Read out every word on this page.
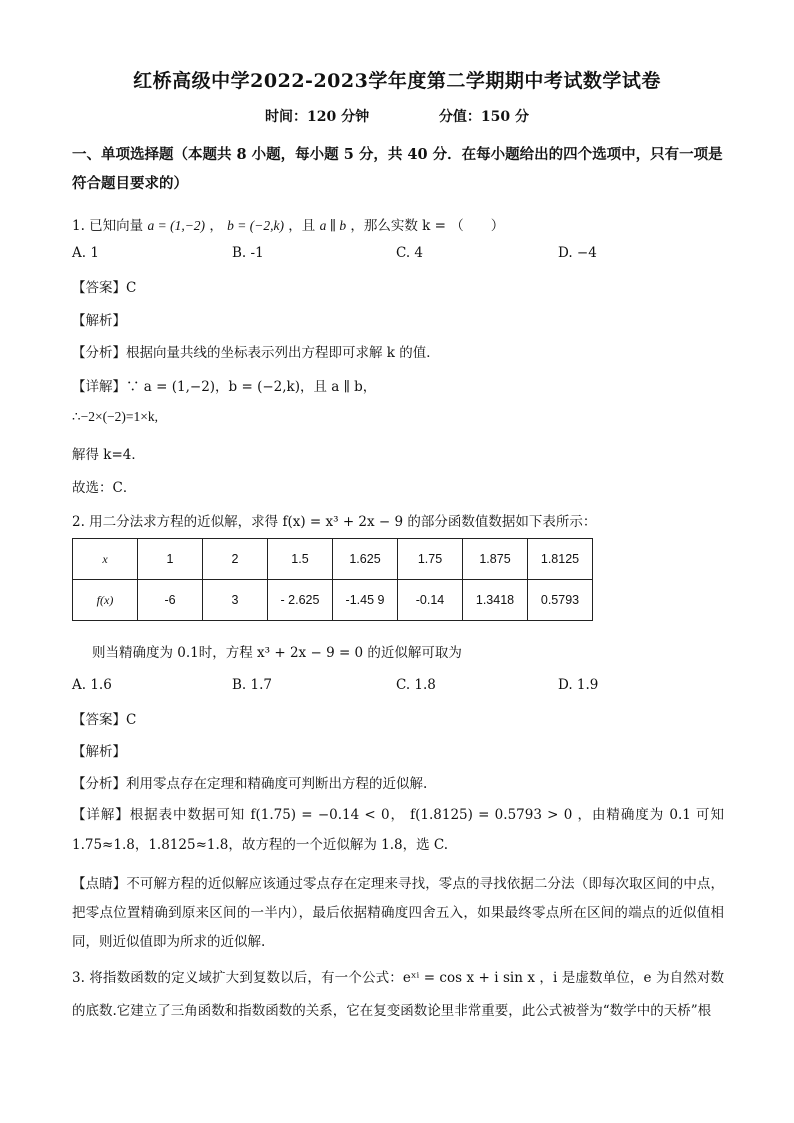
红桥高级中学2022-2023学年度第二学期期中考试数学试卷
时间：120 分钟	分值：150 分
一、单项选择题（本题共 8 小题，每小题 5 分，共 40 分．在每小题给出的四个选项中，只有一项是符合题目要求的）
1. 已知向量 a = (1,−2) ， b = (−2,k) ，且 a ∥ b ，那么实数 k = （　　）
A. 1	B. -1	C. 4	D. −4
【答案】C
【解析】
【分析】根据向量共线的坐标表示列出方程即可求解 k 的值．
【详解】∵ a = (1,−2)，b = (−2,k)，且 a ∥ b，
∴−2×(−2)=1×k,
解得 k=4．
故选：C．
2. 用二分法求方程的近似解，求得 f(x) = x³ + 2x − 9 的部分函数值数据如下表所示：
x	1	2	1.5	1.625	1.75	1.875	1.8125
f(x)	-6	3	- 2.625	-1.45 9	-0.14	1.3418	0.5793
则当精确度为 0.1时，方程 x³ + 2x − 9 = 0 的近似解可取为
A. 1.6	B. 1.7	C. 1.8	D. 1.9
【答案】C
【解析】
【分析】利用零点存在定理和精确度可判断出方程的近似解.
【详解】根据表中数据可知 f(1.75) = −0.14 < 0， f(1.8125) = 0.5793 > 0 ，由精确度为 0.1 可知 1.75≈1.8，1.8125≈1.8，故方程的一个近似解为 1.8，选 C.
【点睛】不可解方程的近似解应该通过零点存在定理来寻找，零点的寻找依据二分法（即每次取区间的中点，把零点位置精确到原来区间的一半内），最后依据精确度四舍五入，如果最终零点所在区间的端点的近似值相同，则近似值即为所求的近似解.
3. 将指数函数的定义域扩大到复数以后，有一个公式：eˣⁱ = cos x + i sin x ，i 是虚数单位，e 为自然对数的底数.它建立了三角函数和指数函数的关系，它在复变函数论里非常重要，此公式被誉为“数学中的天桥”根
